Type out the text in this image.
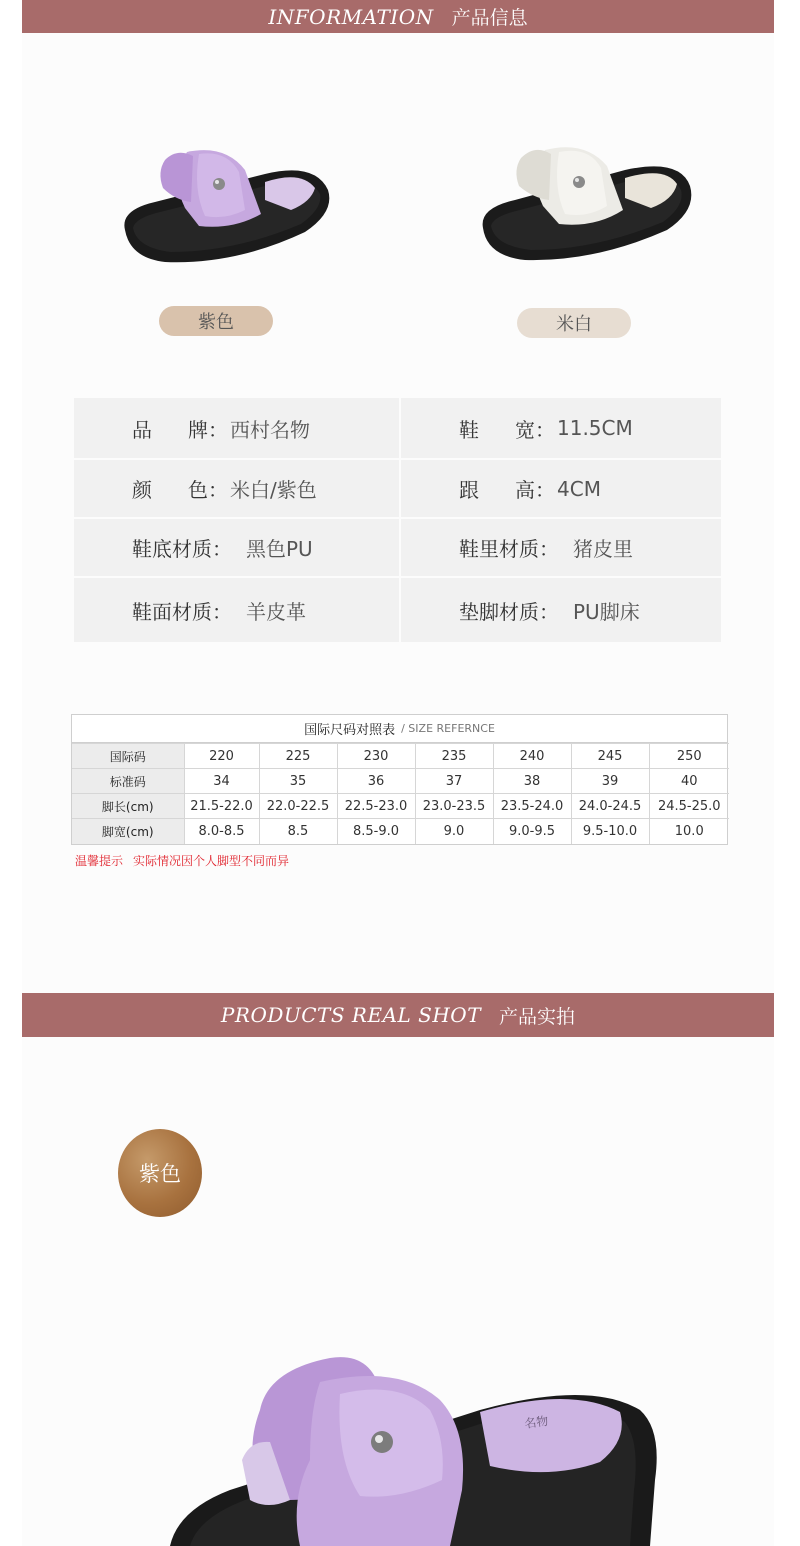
INFORMATION 产品信息
紫色	米白
品 牌： 西村名物	鞋 宽： 11.5CM
颜 色： 米白/紫色	跟 高： 4CM
鞋底材质： 黑色PU	鞋里材质： 猪皮里
鞋面材质： 羊皮革	垫脚材质： PU脚床
国际尺码对照表 / SIZE REFERNCE
国际码	220	225	230	235	240	245	250
标准码	34	35	36	37	38	39	40
脚长(cm)	21.5-22.0	22.0-22.5	22.5-23.0	23.0-23.5	23.5-24.0	24.0-24.5	24.5-25.0
脚宽(cm)	8.0-8.5	8.5	8.5-9.0	9.0	9.0-9.5	9.5-10.0	10.0
温馨提示 实际情况因个人脚型不同而异
PRODUCTS REAL SHOT 产品实拍
紫色
名物
